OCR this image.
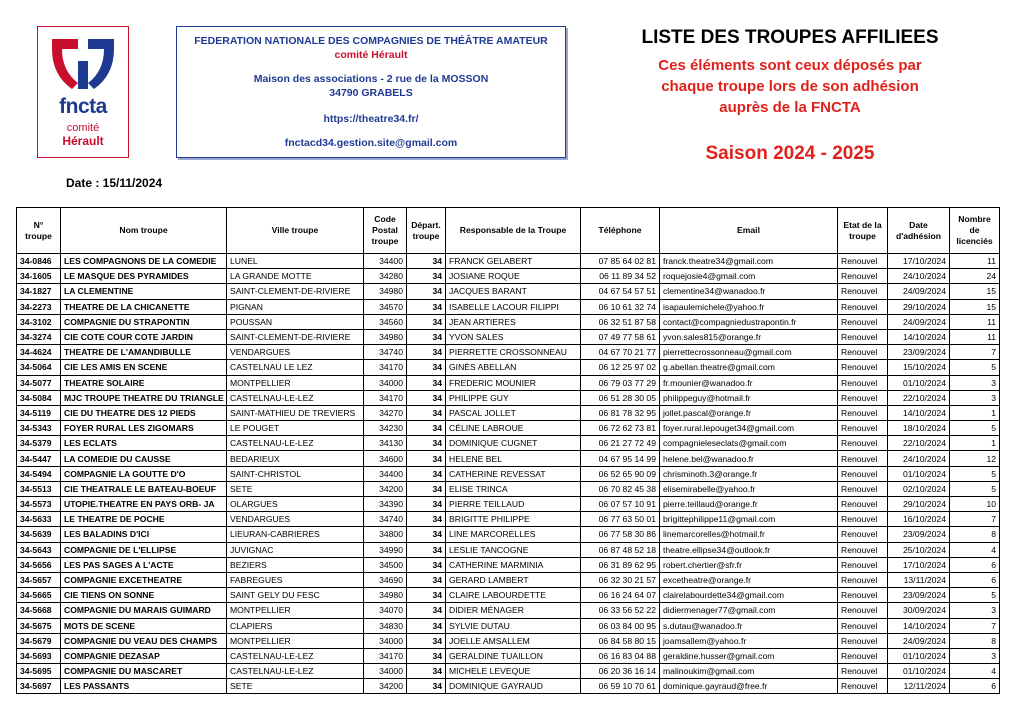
fncta
comité
Hérault
FEDERATION NATIONALE DES COMPAGNIES DE THÉÂTRE AMATEUR
comité Hérault
Maison des associations - 2 rue de la MOSSON
34790 GRABELS
https://theatre34.fr/
fnctacd34.gestion.site@gmail.com
LISTE DES TROUPES AFFILIEES
Ces éléments sont ceux déposés par
chaque troupe lors de son adhésion
auprès de la FNCTA
Saison 2024 - 2025
Date : 15/11/2024
N° troupe	Nom troupe	Ville troupe	Code Postal troupe	Départ. troupe	Responsable de la Troupe	Téléphone	Email	Etat de la troupe	Date d'adhésion	Nombre de licenciés
34-0846	LES COMPAGNONS DE LA COMEDIE	LUNEL	34400	34	FRANCK GELABERT	07 85 64 02 81	franck.theatre34@gmail.com	Renouvel	17/10/2024	11
34-1605	LE MASQUE DES PYRAMIDES	LA GRANDE MOTTE	34280	34	JOSIANE ROQUE	06 11 89 34 52	roquejosie4@gmail.com	Renouvel	24/10/2024	24
34-1827	LA CLEMENTINE	SAINT-CLEMENT-DE-RIVIERE	34980	34	JACQUES BARANT	04 67 54 57 51	clementine34@wanadoo.fr	Renouvel	24/09/2024	15
34-2273	THEATRE DE LA CHICANETTE	PIGNAN	34570	34	ISABELLE LACOUR FILIPPI	06 10 61 32 74	isapaulemichele@yahoo.fr	Renouvel	29/10/2024	15
34-3102	COMPAGNIE DU STRAPONTIN	POUSSAN	34560	34	JEAN ARTIERES	06 32 51 87 58	contact@compagniedustrapontin.fr	Renouvel	24/09/2024	11
34-3274	CIE COTE COUR COTE JARDIN	SAINT-CLEMENT-DE-RIVIERE	34980	34	YVON SALES	07 49 77 58 61	yvon.sales815@orange.fr	Renouvel	14/10/2024	11
34-4624	THEATRE DE L'AMANDIBULLE	VENDARGUES	34740	34	PIERRETTE CROSSONNEAU	04 67 70 21 77	pierrettecrossonneau@gmail.com	Renouvel	23/09/2024	7
34-5064	CIE LES AMIS EN SCENE	CASTELNAU LE LEZ	34170	34	GINÈS ABELLAN	06 12 25 97 02	g.abellan.theatre@gmail.com	Renouvel	15/10/2024	5
34-5077	THEATRE SOLAIRE	MONTPELLIER	34000	34	FREDERIC MOUNIER	06 79 03 77 29	fr.mounier@wanadoo.fr	Renouvel	01/10/2024	3
34-5084	MJC TROUPE THEATRE DU TRIANGLE	CASTELNAU-LE-LEZ	34170	34	PHILIPPE GUY	06 51 28 30 05	philippeguy@hotmail.fr	Renouvel	22/10/2024	3
34-5119	CIE DU THEATRE DES 12 PIEDS	SAINT-MATHIEU DE TREVIERS	34270	34	PASCAL JOLLET	06 81 78 32 95	jollet.pascal@orange.fr	Renouvel	14/10/2024	1
34-5343	FOYER RURAL LES ZIGOMARS	LE POUGET	34230	34	CÉLINE LABROUE	06 72 62 73 81	foyer.rural.lepouget34@gmail.com	Renouvel	18/10/2024	5
34-5379	LES ECLATS	CASTELNAU-LE-LEZ	34130	34	DOMINIQUE CUGNET	06 21 27 72 49	compagnieleseclats@gmail.com	Renouvel	22/10/2024	1
34-5447	LA COMEDIE DU CAUSSE	BEDARIEUX	34600	34	HELENE BEL	04 67 95 14 99	helene.bel@wanadoo.fr	Renouvel	24/10/2024	12
34-5494	COMPAGNIE LA GOUTTE D'O	SAINT-CHRISTOL	34400	34	CATHERINE REVESSAT	06 52 65 90 09	chrisminoth.3@orange.fr	Renouvel	01/10/2024	5
34-5513	CIE THEATRALE LE BATEAU-BOEUF	SETE	34200	34	ELISE TRINCA	06 70 82 45 38	elisemirabelle@yahoo.fr	Renouvel	02/10/2024	5
34-5573	UTOPIE.THEATRE EN PAYS ORB- JA	OLARGUES	34390	34	PIERRE TEILLAUD	06 07 57 10 91	pierre.teillaud@orange.fr	Renouvel	29/10/2024	10
34-5633	LE THEATRE DE POCHE	VENDARGUES	34740	34	BRIGITTE PHILIPPE	06 77 63 50 01	brigittephilippe11@gmail.com	Renouvel	16/10/2024	7
34-5639	LES BALADINS D'ICI	LIEURAN-CABRIERES	34800	34	LINE MARCORELLES	06 77 58 30 86	linemarcorelles@hotmail.fr	Renouvel	23/09/2024	8
34-5643	COMPAGNIE DE L'ELLIPSE	JUVIGNAC	34990	34	LESLIE TANCOGNE	06 87 48 52 18	theatre.ellipse34@outlook.fr	Renouvel	25/10/2024	4
34-5656	LES PAS SAGES A L'ACTE	BEZIERS	34500	34	CATHERINE MARMINIA	06 31 89 62 95	robert.chertier@sfr.fr	Renouvel	17/10/2024	6
34-5657	COMPAGNIE EXCETHEATRE	FABREGUES	34690	34	GERARD LAMBERT	06 32 30 21 57	excetheatre@orange.fr	Renouvel	13/11/2024	6
34-5665	CIE TIENS ON SONNE	SAINT GELY DU FESC	34980	34	CLAIRE LABOURDETTE	06 16 24 64 07	clairelabourdette34@gmail.com	Renouvel	23/09/2024	5
34-5668	COMPAGNIE DU MARAIS GUIMARD	MONTPELLIER	34070	34	DIDIER MÉNAGER	06 33 56 52 22	didiermenager77@gmail.com	Renouvel	30/09/2024	3
34-5675	MOTS DE SCENE	CLAPIERS	34830	34	SYLVIE DUTAU	06 03 84 00 95	s.dutau@wanadoo.fr	Renouvel	14/10/2024	7
34-5679	COMPAGNIE DU VEAU DES CHAMPS	MONTPELLIER	34000	34	JOELLE AMSALLEM	06 84 58 80 15	joamsallem@yahoo.fr	Renouvel	24/09/2024	8
34-5693	COMPAGNIE DEZASAP	CASTELNAU-LE-LEZ	34170	34	GERALDINE TUAILLON	06 16 83 04 88	geraldine.husser@gmail.com	Renouvel	01/10/2024	3
34-5695	COMPAGNIE DU MASCARET	CASTELNAU-LE-LEZ	34000	34	MICHELE LEVEQUE	06 20 36 16 14	malinoukim@gmail.com	Renouvel	01/10/2024	4
34-5697	LES PASSANTS	SETE	34200	34	DOMINIQUE GAYRAUD	06 59 10 70 61	dominique.gayraud@free.fr	Renouvel	12/11/2024	6
